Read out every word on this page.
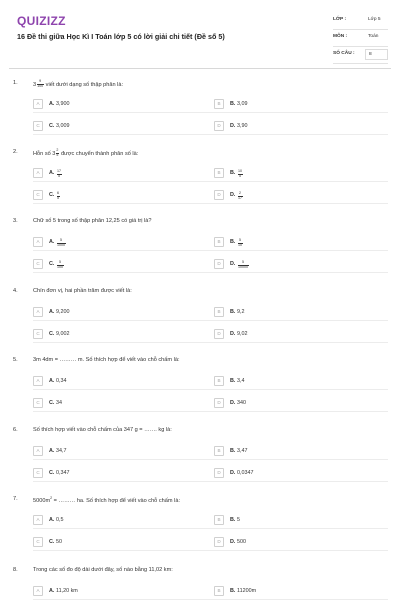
QUIZIZZ
16 Đề thi giữa Học Kì I Toán lớp 5 có lời giải chi tiết (Đề số 5)
LỚP :	Lớp 5
MÔN :	Toán
SỐ CÂU :	8
1.	$3 \frac{9}{100}$ viết dưới dạng số thập phân là:
A	A. 3,900	B	B. 3,09
C	C. 3,009	D	D. 3,90
2.	Hỗn số $3 \frac{2}{5}$ được chuyển thành phân số là:
A	A. $\frac{17}{5}$	B	B. $\frac{10}{5}$
C	C. $\frac{6}{5}$	D	D. $\frac{2}{17}$
3.	Chữ số 5 trong số thập phân 12,25 có giá trị là?
A	A. $\frac{5}{1000}$	B	B. $\frac{5}{10}$
C	C. $\frac{5}{100}$	D	D. $\frac{5}{10000}$
4.	Chín đơn vị, hai phần trăm được viết là:
A	A. 9,200	B	B. 9,2
C	C. 9,002	D	D. 9,02
5.	3m 4dm = ……… m. Số thích hợp để viết vào chỗ chấm là:
A	A. 0,34	B	B. 3,4
C	C. 34	D	D. 340
6.	Số thích hợp viết vào chỗ chấm của 347 g = ……. kg là:
A	A. 34,7	B	B. 3,47
C	C. 0,347	D	D. 0,0347
7.	$5000m^2$ = ……… ha. Số thích hợp để viết vào chỗ chấm là:
A	A. 0,5	B	B. 5
C	C. 50	D	D. 500
8.	Trong các số đo độ dài dưới đây, số nào bằng 11,02 km:
A	A. 11,20 km	B	B. 11200m
